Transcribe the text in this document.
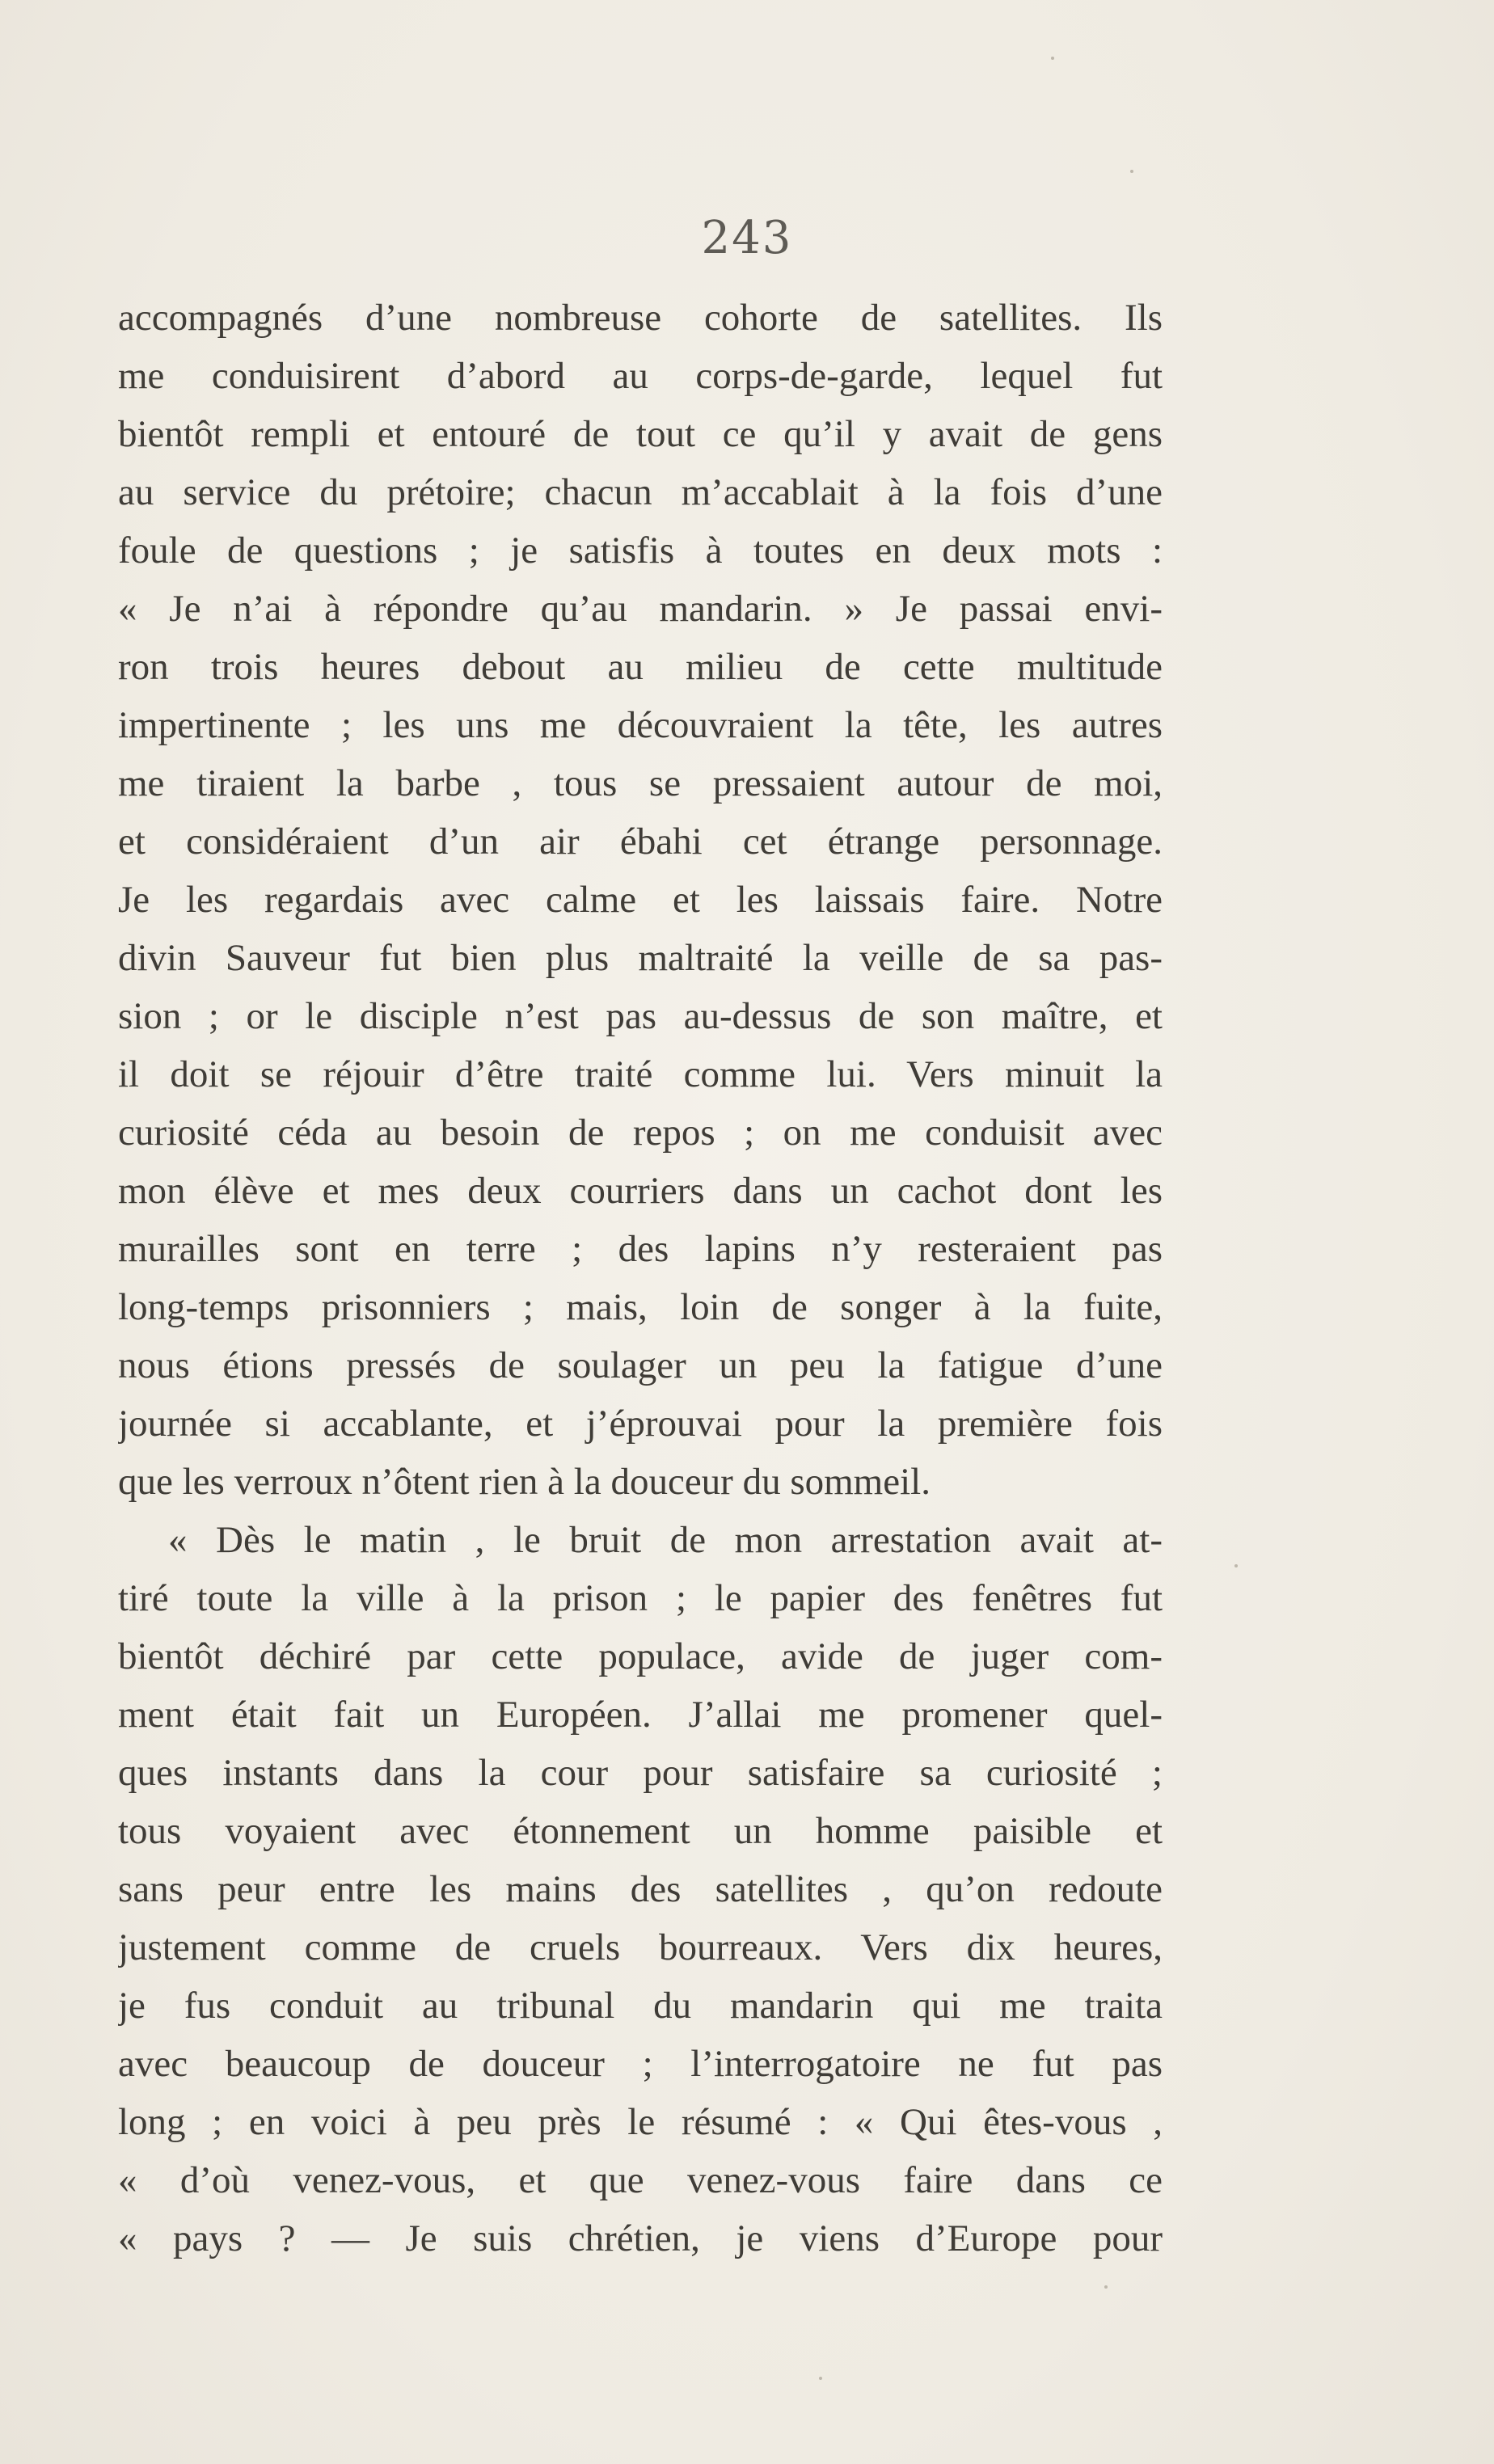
243
accompagnés d’une nombreuse cohorte de satellites. Ils
me conduisirent d’abord au corps-de-garde, lequel fut
bientôt rempli et entouré de tout ce qu’il y avait de gens
au service du prétoire; chacun m’accablait à la fois d’une
foule de questions ; je satisfis à toutes en deux mots :
« Je n’ai à répondre qu’au mandarin. » Je passai envi-
ron trois heures debout au milieu de cette multitude
impertinente ; les uns me découvraient la tête, les autres
me tiraient la barbe , tous se pressaient autour de moi,
et considéraient d’un air ébahi cet étrange personnage.
Je les regardais avec calme et les laissais faire. Notre
divin Sauveur fut bien plus maltraité la veille de sa pas-
sion ; or le disciple n’est pas au-dessus de son maître, et
il doit se réjouir d’être traité comme lui. Vers minuit la
curiosité céda au besoin de repos ; on me conduisit avec
mon élève et mes deux courriers dans un cachot dont les
murailles sont en terre ; des lapins n’y resteraient pas
long-temps prisonniers ; mais, loin de songer à la fuite,
nous étions pressés de soulager un peu la fatigue d’une
journée si accablante, et j’éprouvai pour la première fois
que les verroux n’ôtent rien à la douceur du sommeil.
« Dès le matin , le bruit de mon arrestation avait at-
tiré toute la ville à la prison ; le papier des fenêtres fut
bientôt déchiré par cette populace, avide de juger com-
ment était fait un Européen. J’allai me promener quel-
ques instants dans la cour pour satisfaire sa curiosité ;
tous voyaient avec étonnement un homme paisible et
sans peur entre les mains des satellites , qu’on redoute
justement comme de cruels bourreaux. Vers dix heures,
je fus conduit au tribunal du mandarin qui me traita
avec beaucoup de douceur ; l’interrogatoire ne fut pas
long ; en voici à peu près le résumé : « Qui êtes-vous ,
« d’où venez-vous, et que venez-vous faire dans ce
« pays ? — Je suis chrétien, je viens d’Europe pour
